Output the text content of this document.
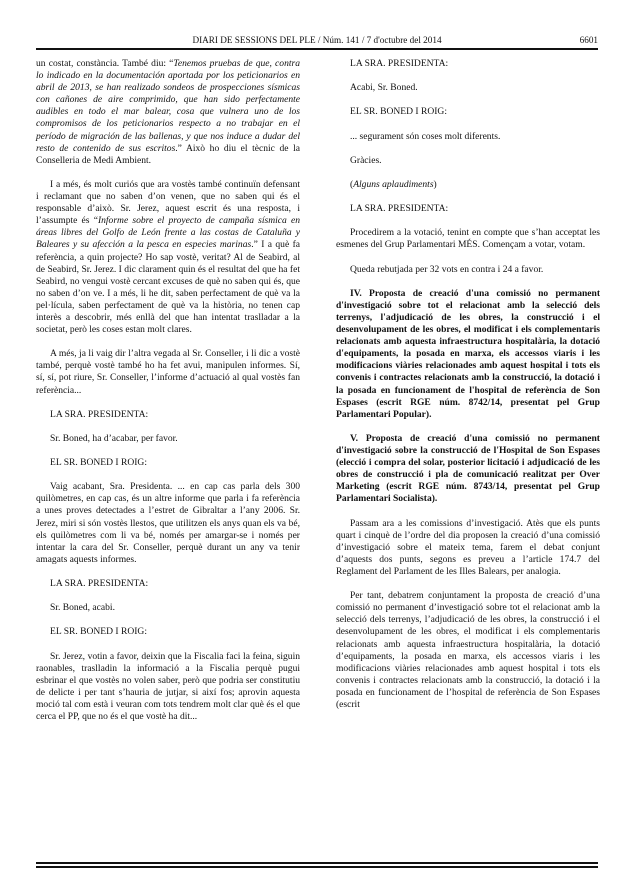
DIARI DE SESSIONS DEL PLE / Núm. 141 / 7 d'octubre del 2014	6601

un costat, constància. També diu: “Tenemos pruebas de que, contra lo indicado en la documentación aportada por los peticionarios en abril de 2013, se han realizado sondeos de prospecciones sísmicas con cañones de aire comprimido, que han sido perfectamente audibles en todo el mar balear, cosa que vulnera uno de los compromisos de los peticionarios respecto a no trabajar en el período de migración de las ballenas, y que nos induce a dudar del resto de contenido de sus escritos.” Això ho diu el tècnic de la Conselleria de Medi Ambient.

I a més, és molt curiós que ara vostès també continuïn defensant i reclamant que no saben d’on venen, que no saben qui és el responsable d’això. Sr. Jerez, aquest escrit és una resposta, i l’assumpte és “Informe sobre el proyecto de campaña sísmica en áreas libres del Golfo de León frente a las costas de Cataluña y Baleares y su afección a la pesca en especies marinas.” I a què fa referència, a quin projecte? Ho sap vostè, veritat? Al de Seabird, al de Seabird, Sr. Jerez. I dic clarament quin és el resultat del que ha fet Seabird, no vengui vostè cercant excuses de què no saben qui és, que no saben d’on ve. I a més, li he dit, saben perfectament de què va la pel·lícula, saben perfectament de què va la història, no tenen cap interès a descobrir, més enllà del que han intentat traslladar a la societat, però les coses estan molt clares.

A més, ja li vaig dir l’altra vegada al Sr. Conseller, i li dic a vostè també, perquè vostè també ho ha fet avui, manipulen informes. Sí, sí, sí, pot riure, Sr. Conseller, l’informe d’actuació al qual vostès fan referència...

LA SRA. PRESIDENTA:

Sr. Boned, ha d’acabar, per favor.

EL SR. BONED I ROIG:

Vaig acabant, Sra. Presidenta. ... en cap cas parla dels 300 quilòmetres, en cap cas, és un altre informe que parla i fa referència a unes proves detectades a l’estret de Gibraltar a l’any 2006. Sr. Jerez, miri si són vostès llestos, que utilitzen els anys quan els va bé, els quilòmetres com li va bé, només per amargar-se i només per intentar la cara del Sr. Conseller, perquè durant un any va tenir amagats aquests informes.

LA SRA. PRESIDENTA:

Sr. Boned, acabi.

EL SR. BONED I ROIG:

Sr. Jerez, votin a favor, deixin que la Fiscalia faci la feina, siguin raonables, traslladin la informació a la Fiscalia perquè pugui esbrinar el que vostès no volen saber, però que podria ser constitutiu de delicte i per tant s’hauria de jutjar, si així fos; aprovin aquesta moció tal com està i veuran com tots tendrem molt clar què és el que cerca el PP, que no és el que vostè ha dit...

LA SRA. PRESIDENTA:

Acabi, Sr. Boned.

EL SR. BONED I ROIG:

... segurament són coses molt diferents.

Gràcies.

(Alguns aplaudiments)

LA SRA. PRESIDENTA:

Procedirem a la votació, tenint en compte que s’han acceptat les esmenes del Grup Parlamentari MÉS. Començam a votar, votam.

Queda rebutjada per 32 vots en contra i 24 a favor.

IV. Proposta de creació d'una comissió no permanent d'investigació sobre tot el relacionat amb la selecció dels terrenys, l'adjudicació de les obres, la construcció i el desenvolupament de les obres, el modificat i els complementaris relacionats amb aquesta infraestructura hospitalària, la dotació d'equipaments, la posada en marxa, els accessos viaris i les modificacions viàries relacionades amb aquest hospital i tots els convenis i contractes relacionats amb la construcció, la dotació i la posada en funcionament de l'hospital de referència de Son Espases (escrit RGE núm. 8742/14, presentat pel Grup Parlamentari Popular).

V. Proposta de creació d'una comissió no permanent d'investigació sobre la construcció de l'Hospital de Son Espases (elecció i compra del solar, posterior licitació i adjudicació de les obres de construcció i pla de comunicació realitzat per Over Marketing (escrit RGE núm. 8743/14, presentat pel Grup Parlamentari Socialista).

Passam ara a les comissions d’investigació. Atès que els punts quart i cinquè de l’ordre del dia proposen la creació d’una comissió d’investigació sobre el mateix tema, farem el debat conjunt d’aquests dos punts, segons es preveu a l’article 174.7 del Reglament del Parlament de les Illes Balears, per analogia.

Per tant, debatrem conjuntament la proposta de creació d’una comissió no permanent d’investigació sobre tot el relacionat amb la selecció dels terrenys, l’adjudicació de les obres, la construcció i el desenvolupament de les obres, el modificat i els complementaris relacionats amb aquesta infraestructura hospitalària, la dotació d’equipaments, la posada en marxa, els accessos viaris i les modificacions viàries relacionades amb aquest hospital i tots els convenis i contractes relacionats amb la construcció, la dotació i la posada en funcionament de l’hospital de referència de Son Espases (escrit
